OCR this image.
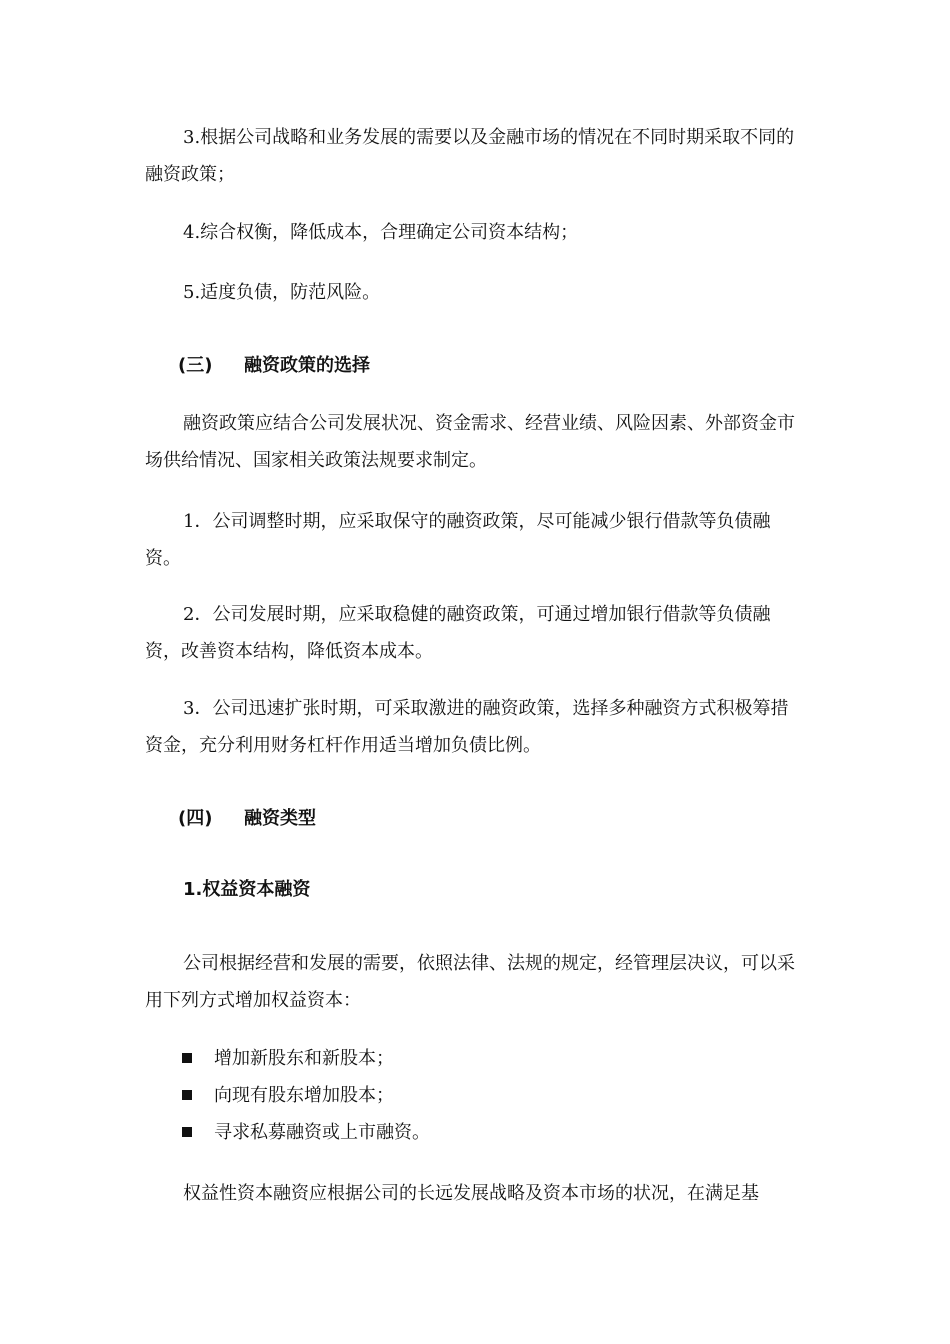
3.根据公司战略和业务发展的需要以及金融市场的情况在不同时期采取不同的融资政策；

4.综合权衡，降低成本，合理确定公司资本结构；

5.适度负债，防范风险。

(三) 融资政策的选择

融资政策应结合公司发展状况、资金需求、经营业绩、风险因素、外部资金市场供给情况、国家相关政策法规要求制定。

1．公司调整时期，应采取保守的融资政策，尽可能减少银行借款等负债融资。

2．公司发展时期，应采取稳健的融资政策，可通过增加银行借款等负债融资，改善资本结构，降低资本成本。

3．公司迅速扩张时期，可采取激进的融资政策，选择多种融资方式积极筹措资金，充分利用财务杠杆作用适当增加负债比例。

(四) 融资类型
1.权益资本融资

公司根据经营和发展的需要，依照法律、法规的规定，经管理层决议，可以采用下列方式增加权益资本：

增加新股东和新股本；
向现有股东增加股本；
寻求私募融资或上市融资。

权益性资本融资应根据公司的长远发展战略及资本市场的状况，在满足基
